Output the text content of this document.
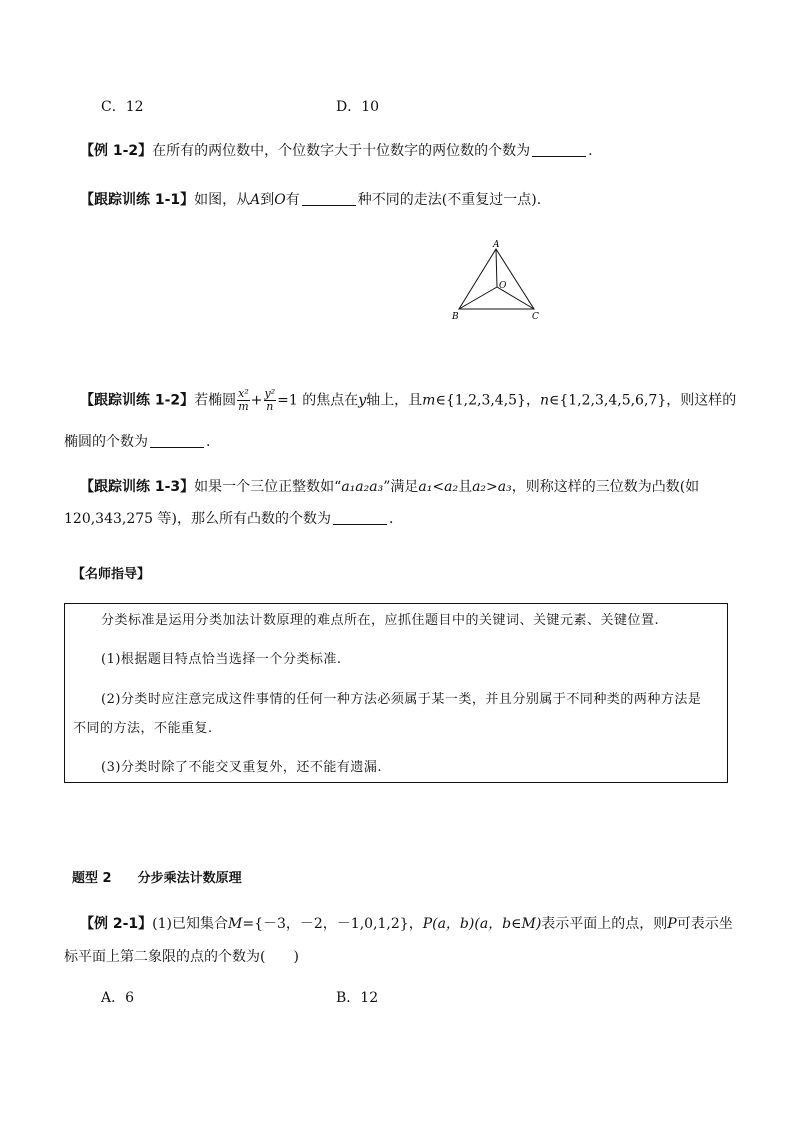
C．12	D．10
【例 1-2】在所有的两位数中，个位数字大于十位数字的两位数的个数为	.
【跟踪训练 1-1】如图，从A到O有	种不同的走法(不重复过一点).
A
O
B	C
【跟踪训练 1-2】若椭圆 $\frac{\text{x²}}{m} + \frac{\text{y²}}{n} =1$ 的焦点在y轴上，且m∈{1,2,3,4,5}，n∈{1,2,3,4,5,6,7}，则这样的
椭圆的个数为	.
【跟踪训练 1-3】如果一个三位正整数如“a₁a₂a₃”满足a₁<a₂且a₂>a₃，则称这样的三位数为凸数(如
120,343,275 等)，那么所有凸数的个数为	.
【名师指导】

分类标准是运用分类加法计数原理的难点所在，应抓住题目中的关键词、关键元素、关键位置.

(1)根据题目特点恰当选择一个分类标准.

(2)分类时应注意完成这件事情的任何一种方法必须属于某一类，并且分别属于不同种类的两种方法是

不同的方法，不能重复.

(3)分类时除了不能交叉重复外，还不能有遗漏.

题型 2 分步乘法计数原理
【例 2-1】(1)已知集合M={－3，－2，－1,0,1,2}，P(a，b)(a，b∈M)表示平面上的点，则P可表示坐
标平面上第二象限的点的个数为(　　)
A．6	B．12
